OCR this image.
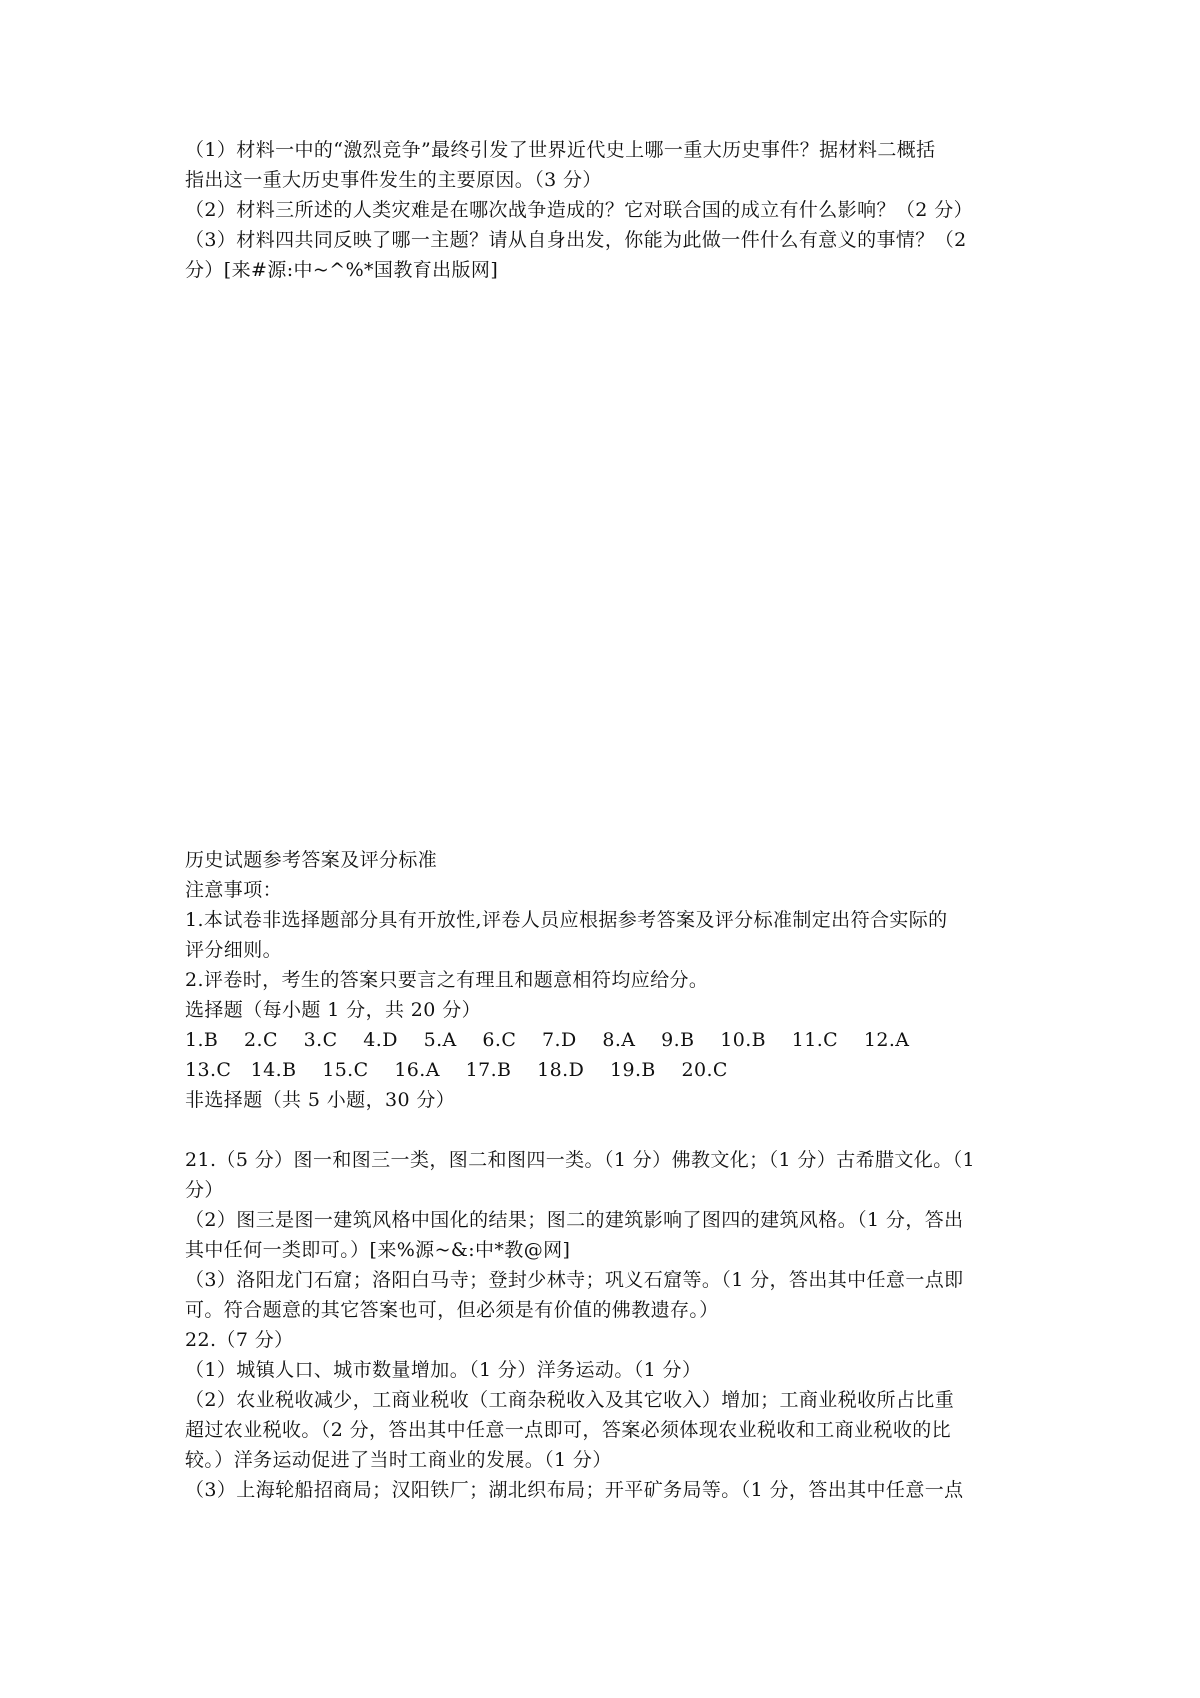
（1）材料一中的“激烈竞争”最终引发了世界近代史上哪一重大历史事件？据材料二概括
指出这一重大历史事件发生的主要原因。（3 分）
（2）材料三所述的人类灾难是在哪次战争造成的？它对联合国的成立有什么影响？（2 分）
（3）材料四共同反映了哪一主题？请从自身出发，你能为此做一件什么有意义的事情？（2
分）[来#源:中~^%*国教育出版网]
历史试题参考答案及评分标准
注意事项：
1.本试卷非选择题部分具有开放性,评卷人员应根据参考答案及评分标准制定出符合实际的
评分细则。
2.评卷时，考生的答案只要言之有理且和题意相符均应给分。
选择题（每小题 1 分，共 20 分）
1.B    2.C    3.C    4.D    5.A    6.C    7.D    8.A    9.B    10.B    11.C    12.A
13.C   14.B    15.C    16.A    17.B    18.D    19.B    20.C
非选择题（共 5 小题，30 分）
21.（5 分）图一和图三一类，图二和图四一类。（1 分）佛教文化；（1 分）古希腊文化。（1
分）
（2）图三是图一建筑风格中国化的结果；图二的建筑影响了图四的建筑风格。（1 分，答出
其中任何一类即可。）[来%源~&:中*教@网]
（3）洛阳龙门石窟；洛阳白马寺；登封少林寺；巩义石窟等。（1 分，答出其中任意一点即
可。符合题意的其它答案也可，但必须是有价值的佛教遗存。）
22.（7 分）
（1）城镇人口、城市数量增加。（1 分）洋务运动。（1 分）
（2）农业税收减少，工商业税收（工商杂税收入及其它收入）增加；工商业税收所占比重
超过农业税收。（2 分，答出其中任意一点即可，答案必须体现农业税收和工商业税收的比
较。）洋务运动促进了当时工商业的发展。（1 分）
（3）上海轮船招商局；汉阳铁厂；湖北织布局；开平矿务局等。（1 分，答出其中任意一点
